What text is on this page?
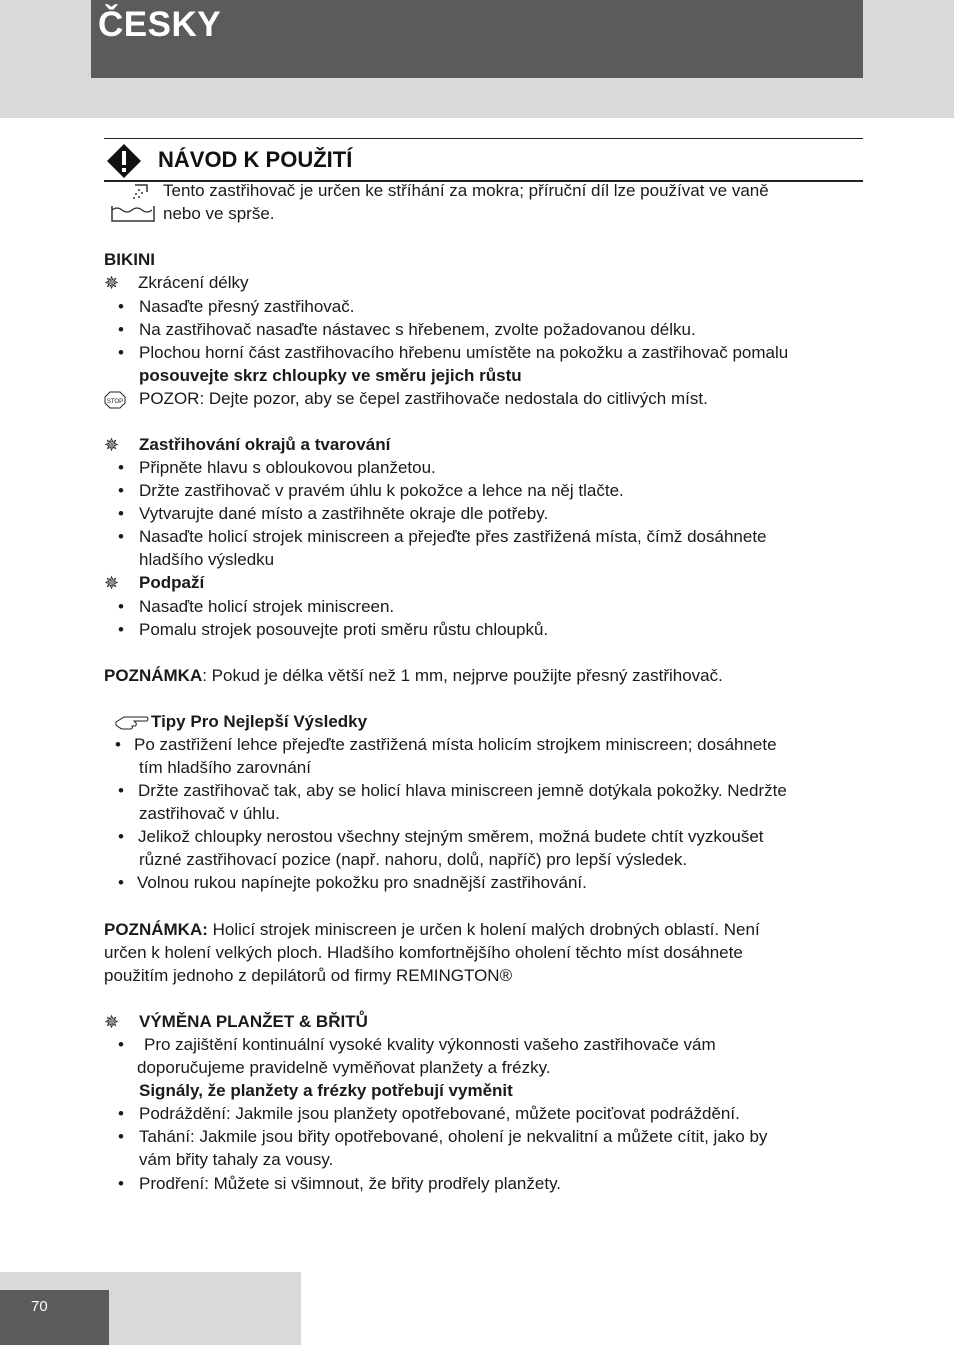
ČESKY
NÁVOD K POUŽITÍ
Tento zastřihovač je určen ke stříhání za mokra; příruční díl lze používat ve vaně
nebo ve sprše.
BIKINI
✵ Zkrácení délky
• Nasaďte přesný zastřihovač.
• Na zastřihovač nasaďte nástavec s hřebenem, zvolte požadovanou délku.
• Plochou horní část zastřihovacího hřebenu umístěte na pokožku a zastřihovač pomalu
posouvejte skrz chloupky ve směru jejich růstu
STOP POZOR: Dejte pozor, aby se čepel zastřihovače nedostala do citlivých míst.
✵ Zastřihování okrajů a tvarování
• Připněte hlavu s obloukovou planžetou.
• Držte zastřihovač v pravém úhlu k pokožce a lehce na něj tlačte.
• Vytvarujte dané místo a zastřihněte okraje dle potřeby.
• Nasaďte holicí strojek miniscreen a přejeďte přes zastřižená místa, čímž dosáhnete
hladšího výsledku
✵ Podpaží
• Nasaďte holicí strojek miniscreen.
• Pomalu strojek posouvejte proti směru růstu chloupků.
POZNÁMKA: Pokud je délka větší než 1 mm, nejprve použijte přesný zastřihovač.
Tipy Pro Nejlepší Výsledky
• Po zastřižení lehce přejeďte zastřižená místa holicím strojkem miniscreen; dosáhnete
tím hladšího zarovnání
• Držte zastřihovač tak, aby se holicí hlava miniscreen jemně dotýkala pokožky. Nedržte
zastřihovač v úhlu.
• Jelikož chloupky nerostou všechny stejným směrem, možná budete chtít vyzkoušet
různé zastřihovací pozice (např. nahoru, dolů, napříč) pro lepší výsledek.
• Volnou rukou napínejte pokožku pro snadnější zastřihování.
POZNÁMKA: Holicí strojek miniscreen je určen k holení malých drobných oblastí. Není
určen k holení velkých ploch. Hladšího komfortnějšího oholení těchto míst dosáhnete
použitím jednoho z depilátorů od firmy REMINGTON®
✵ VÝMĚNA PLANŽET & BŘITŮ
• Pro zajištění kontinuální vysoké kvality výkonnosti vašeho zastřihovače vám
doporučujeme pravidelně vyměňovat planžety a frézky.
Signály, že planžety a frézky potřebují vyměnit
• Podráždění: Jakmile jsou planžety opotřebované, můžete pociťovat podráždění.
• Tahání: Jakmile jsou břity opotřebované, oholení je nekvalitní a můžete cítit, jako by
vám břity tahaly za vousy.
• Prodření: Můžete si všimnout, že břity prodřely planžety.
70
